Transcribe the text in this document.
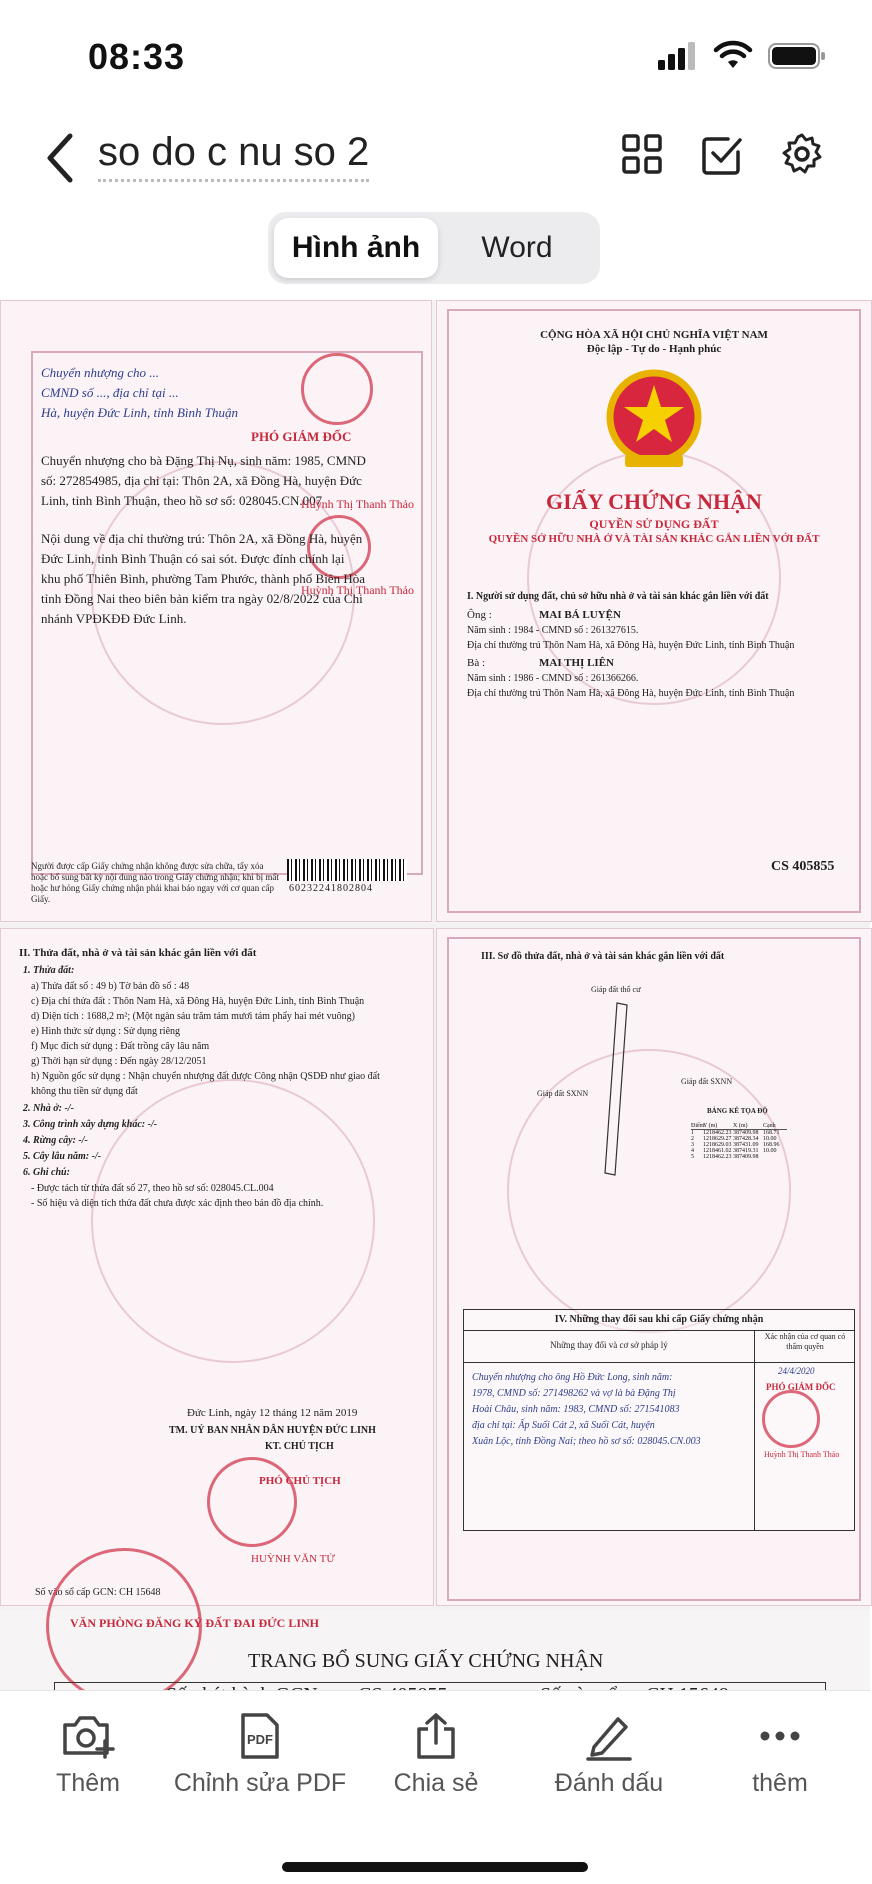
08:33
so do c nu so 2
Hình ảnh	Word
Chuyển nhượng cho ...
CMND số ..., địa chỉ tại ...
Hà, huyện Đức Linh, tỉnh Bình Thuận
PHÓ GIÁM ĐỐC
Chuyển nhượng cho bà Đặng Thị Nụ, sinh năm: 1985, CMND
số: 272854985, địa chỉ tại: Thôn 2A, xã Đồng Hà, huyện Đức
Linh, tỉnh Bình Thuận, theo hồ sơ số: 028045.CN.007
Huỳnh Thị Thanh Thảo
Nội dung về địa chỉ thường trú: Thôn 2A, xã Đồng Hà, huyện
Đức Linh, tỉnh Bình Thuận có sai sót. Được đính chính lại
khu phố Thiên Bình, phường Tam Phước, thành phố Biên Hòa
tỉnh Đồng Nai theo biên bản kiểm tra ngày 02/8/2022 của Chi
nhánh VPĐKĐĐ Đức Linh.
Huỳnh Thị Thanh Thảo
Người được cấp Giấy chứng nhận không được sửa chữa, tẩy xóa hoặc bổ sung bất kỳ nội dung nào trong Giấy chứng nhận; khi bị mất hoặc hư hỏng Giấy chứng nhận phải khai báo ngay với cơ quan cấp Giấy.
60232241802804
CỘNG HÒA XÃ HỘI CHỦ NGHĨA VIỆT NAM
Độc lập - Tự do - Hạnh phúc
GIẤY CHỨNG NHẬN
QUYỀN SỬ DỤNG ĐẤT
QUYỀN SỞ HỮU NHÀ Ở VÀ TÀI SẢN KHÁC GẮN LIỀN VỚI ĐẤT
I. Người sử dụng đất, chủ sở hữu nhà ở và tài sản khác gắn liền với đất
Ông :	MAI BÁ LUYỆN
Năm sinh : 1984 - CMND số : 261327615.
Địa chỉ thường trú Thôn Nam Hà, xã Đông Hà, huyện Đức Linh, tỉnh Bình Thuận
Bà :	MAI THỊ LIÊN
Năm sinh : 1986 - CMND số : 261366266.
Địa chỉ thường trú Thôn Nam Hà, xã Đông Hà, huyện Đức Linh, tỉnh Bình Thuận
CS 405855
II. Thửa đất, nhà ở và tài sản khác gắn liền với đất
1. Thửa đất:
a) Thửa đất số : 49 b) Tờ bản đồ số : 48
c) Địa chỉ thửa đất : Thôn Nam Hà, xã Đông Hà, huyện Đức Linh, tỉnh Bình Thuận
d) Diện tích : 1688,2 m²; (Một ngàn sáu trăm tám mươi tám phẩy hai mét vuông)
e) Hình thức sử dụng : Sử dụng riêng
f) Mục đích sử dụng : Đất trồng cây lâu năm
g) Thời hạn sử dụng : Đến ngày 28/12/2051
h) Nguồn gốc sử dụng : Nhận chuyển nhượng đất được Công nhận QSDĐ như giao đất
không thu tiền sử dụng đất
2. Nhà ở: -/-
3. Công trình xây dựng khác: -/-
4. Rừng cây: -/-
5. Cây lâu năm: -/-
6. Ghi chú:
- Được tách từ thửa đất số 27, theo hồ sơ số: 028045.CL.004
- Số hiệu và diện tích thửa đất chưa được xác định theo bản đồ địa chính.
Đức Linh, ngày 12 tháng 12 năm 2019
TM. UỶ BAN NHÂN DÂN HUYỆN ĐỨC LINH
KT. CHỦ TỊCH
PHÓ CHỦ TỊCH
HUỲNH VĂN TỬ
Số vào sổ cấp GCN: CH 15648
III. Sơ đồ thửa đất, nhà ở và tài sản khác gắn liền với đất
Giáp đất thổ cư
Giáp đất SXNN
Giáp đất SXNN
BẢNG KÊ TỌA ĐỘ
Điểm
Y (m)	X (m)	Cạnh
1	1218462.23 387409.98 168.71
2	1218629.27 387428.34 10.00
3	1218629.03 387431.09 168.96
4	1218461.02 387419.31 10.00
5	1218462.23 387409.98
IV. Những thay đổi sau khi cấp Giấy chứng nhận
Những thay đổi và cơ sở pháp lý
Xác nhận của cơ quan có thẩm quyền
Chuyển nhượng cho ông Hồ Đức Long, sinh năm:
1978, CMND số: 271498262 và vợ là bà Đặng Thị
Hoài Châu, sinh năm: 1983, CMND số: 271541083
địa chỉ tại: Ấp Suối Cát 2, xã Suối Cát, huyện
Xuân Lộc, tỉnh Đồng Nai; theo hồ sơ số: 028045.CN.003
24/4/2020
PHÓ GIÁM ĐỐC
Huỳnh Thị Thanh Thảo
VĂN PHÒNG ĐĂNG KÝ ĐẤT ĐAI ĐỨC LINH
TRANG BỔ SUNG GIẤY CHỨNG NHẬN
Thêm
PDF
Chỉnh sửa PDF	Chia sẻ	Đánh dấu	thêm
